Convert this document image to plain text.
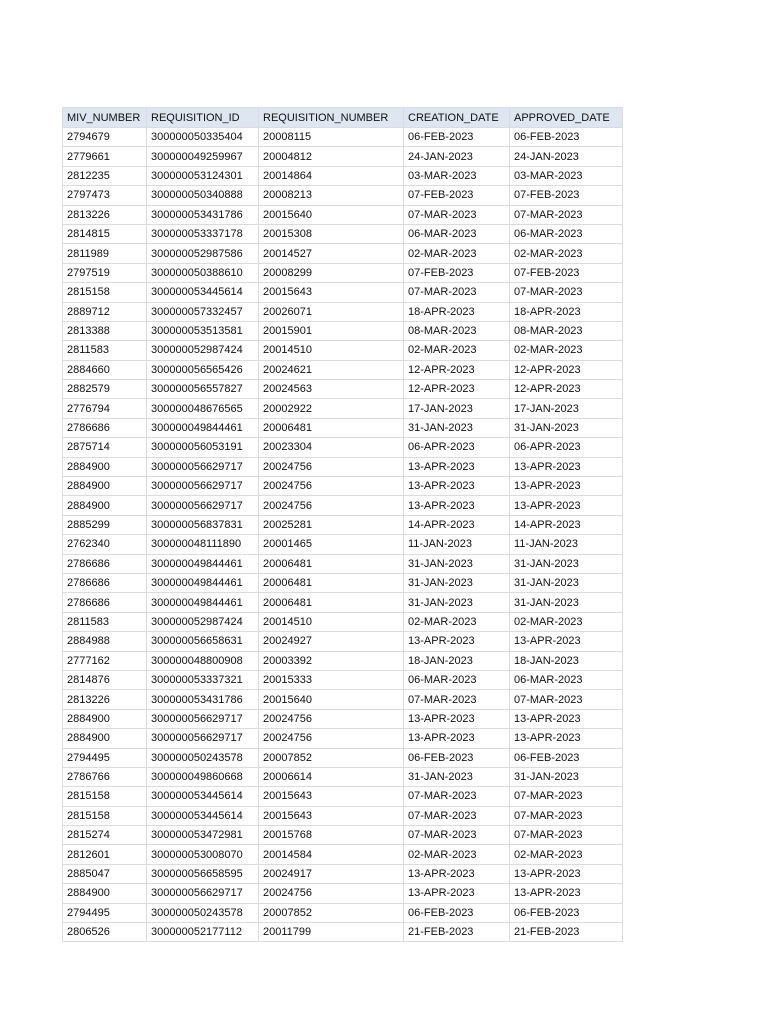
MIV_NUMBER	REQUISITION_ID	REQUISITION_NUMBER	CREATION_DATE	APPROVED_DATE
2794679	300000050335404	20008115	06-FEB-2023	06-FEB-2023
2779661	300000049259967	20004812	24-JAN-2023	24-JAN-2023
2812235	300000053124301	20014864	03-MAR-2023	03-MAR-2023
2797473	300000050340888	20008213	07-FEB-2023	07-FEB-2023
2813226	300000053431786	20015640	07-MAR-2023	07-MAR-2023
2814815	300000053337178	20015308	06-MAR-2023	06-MAR-2023
2811989	300000052987586	20014527	02-MAR-2023	02-MAR-2023
2797519	300000050388610	20008299	07-FEB-2023	07-FEB-2023
2815158	300000053445614	20015643	07-MAR-2023	07-MAR-2023
2889712	300000057332457	20026071	18-APR-2023	18-APR-2023
2813388	300000053513581	20015901	08-MAR-2023	08-MAR-2023
2811583	300000052987424	20014510	02-MAR-2023	02-MAR-2023
2884660	300000056565426	20024621	12-APR-2023	12-APR-2023
2882579	300000056557827	20024563	12-APR-2023	12-APR-2023
2776794	300000048676565	20002922	17-JAN-2023	17-JAN-2023
2786686	300000049844461	20006481	31-JAN-2023	31-JAN-2023
2875714	300000056053191	20023304	06-APR-2023	06-APR-2023
2884900	300000056629717	20024756	13-APR-2023	13-APR-2023
2884900	300000056629717	20024756	13-APR-2023	13-APR-2023
2884900	300000056629717	20024756	13-APR-2023	13-APR-2023
2885299	300000056837831	20025281	14-APR-2023	14-APR-2023
2762340	300000048111890	20001465	11-JAN-2023	11-JAN-2023
2786686	300000049844461	20006481	31-JAN-2023	31-JAN-2023
2786686	300000049844461	20006481	31-JAN-2023	31-JAN-2023
2786686	300000049844461	20006481	31-JAN-2023	31-JAN-2023
2811583	300000052987424	20014510	02-MAR-2023	02-MAR-2023
2884988	300000056658631	20024927	13-APR-2023	13-APR-2023
2777162	300000048800908	20003392	18-JAN-2023	18-JAN-2023
2814876	300000053337321	20015333	06-MAR-2023	06-MAR-2023
2813226	300000053431786	20015640	07-MAR-2023	07-MAR-2023
2884900	300000056629717	20024756	13-APR-2023	13-APR-2023
2884900	300000056629717	20024756	13-APR-2023	13-APR-2023
2794495	300000050243578	20007852	06-FEB-2023	06-FEB-2023
2786766	300000049860668	20006614	31-JAN-2023	31-JAN-2023
2815158	300000053445614	20015643	07-MAR-2023	07-MAR-2023
2815158	300000053445614	20015643	07-MAR-2023	07-MAR-2023
2815274	300000053472981	20015768	07-MAR-2023	07-MAR-2023
2812601	300000053008070	20014584	02-MAR-2023	02-MAR-2023
2885047	300000056658595	20024917	13-APR-2023	13-APR-2023
2884900	300000056629717	20024756	13-APR-2023	13-APR-2023
2794495	300000050243578	20007852	06-FEB-2023	06-FEB-2023
2806526	300000052177112	20011799	21-FEB-2023	21-FEB-2023
